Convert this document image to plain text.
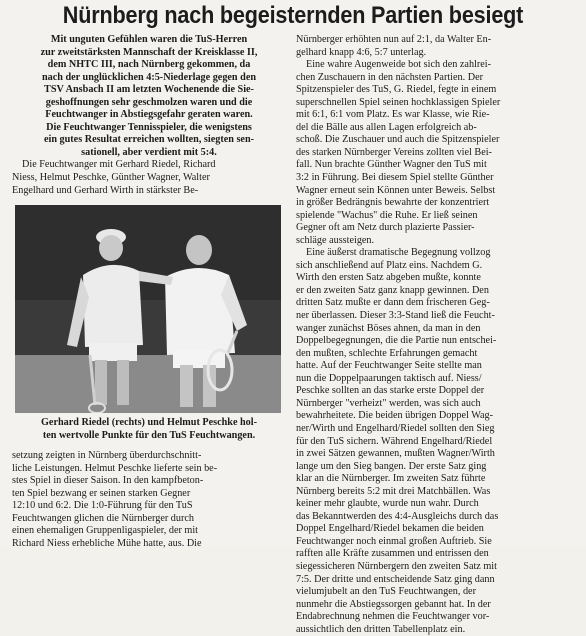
Nürnberg nach begeisternden Partien besiegt

Mit unguten Gefühlen waren die TuS-Herren

zur zweitstärksten Mannschaft der Kreisklasse II,

dem NHTC III, nach Nürnberg gekommen, da

nach der unglücklichen 4:5-Niederlage gegen den

TSV Ansbach II am letzten Wochenende die Sie-

geshoffnungen sehr geschmolzen waren und die

Feuchtwanger in Abstiegsgefahr geraten waren.

Die Feuchtwanger Tennisspieler, die wenigstens

ein gutes Resultat erreichen wollten, siegten sen-

sationell, aber verdient mit 5:4.

Die Feuchtwanger mit Gerhard Riedel, Richard

Niess, Helmut Peschke, Günther Wagner, Walter

Engelhard und Gerhard Wirth in stärkster Be-

Gerhard Riedel (rechts) und Helmut Peschke hol-

ten wertvolle Punkte für den TuS Feuchtwangen.

setzung zeigten in Nürnberg überdurchschnitt-

liche Leistungen. Helmut Peschke lieferte sein be-

stes Spiel in dieser Saison. In den kampfbeton-

ten Spiel bezwang er seinen starken Gegner

12:10 und 6:2. Die 1:0-Führung für den TuS

Feuchtwangen glichen die Nürnberger durch

einen ehemaligen Gruppenligaspieler, der mit

Richard Niess erhebliche Mühe hatte, aus. Die

Nürnberger erhöhten nun auf 2:1, da Walter En-

gelhard knapp 4:6, 5:7 unterlag.

Eine wahre Augenweide bot sich den zahlrei-

chen Zuschauern in den nächsten Partien. Der

Spitzenspieler des TuS, G. Riedel, fegte in einem

superschnellen Spiel seinen hochklassigen Spieler

mit 6:1, 6:1 vom Platz. Es war Klasse, wie Rie-

del die Bälle aus allen Lagen erfolgreich ab-

schoß. Die Zuschauer und auch die Spitzenspieler

des starken Nürnberger Vereins zollten viel Bei-

fall. Nun brachte Günther Wagner den TuS mit

3:2 in Führung. Bei diesem Spiel stellte Günther

Wagner erneut sein Können unter Beweis. Selbst

in größer Bedrängnis bewahrte der konzentriert

spielende "Wachus" die Ruhe. Er ließ seinen

Gegner oft am Netz durch plazierte Passier-

schläge aussteigen.

Eine äußerst dramatische Begegnung vollzog

sich anschließend auf Platz eins. Nachdem G.

Wirth den ersten Satz abgeben mußte, konnte

er den zweiten Satz ganz knapp gewinnen. Den

dritten Satz mußte er dann dem frischeren Geg-

ner überlassen. Dieser 3:3-Stand ließ die Feucht-

wanger zunächst Böses ahnen, da man in den

Doppelbegegnungen, die die Partie nun entschei-

den mußten, schlechte Erfahrungen gemacht

hatte. Auf der Feuchtwanger Seite stellte man

nun die Doppelpaarungen taktisch auf. Niess/

Peschke sollten an das starke erste Doppel der

Nürnberger "verheizt" werden, was sich auch

bewahrheitete. Die beiden übrigen Doppel Wag-

ner/Wirth und Engelhard/Riedel sollten den Sieg

für den TuS sichern. Während Engelhard/Riedel

in zwei Sätzen gewannen, mußten Wagner/Wirth

lange um den Sieg bangen. Der erste Satz ging

klar an die Nürnberger. Im zweiten Satz führte

Nürnberg bereits 5:2 mit drei Matchbällen. Was

keiner mehr glaubte, wurde nun wahr. Durch

das Bekanntwerden des 4:4-Ausgleichs durch das

Doppel Engelhard/Riedel bekamen die beiden

Feuchtwanger noch einmal großen Auftrieb. Sie

rafften alle Kräfte zusammen und entrissen den

siegessicheren Nürnbergern den zweiten Satz mit

7:5. Der dritte und entscheidende Satz ging dann

vielumjubelt an den TuS Feuchtwangen, der

nunmehr die Abstiegssorgen gebannt hat. In der

Endabrechnung nehmen die Feuchtwanger vor-

aussichtlich den dritten Tabellenplatz ein.
